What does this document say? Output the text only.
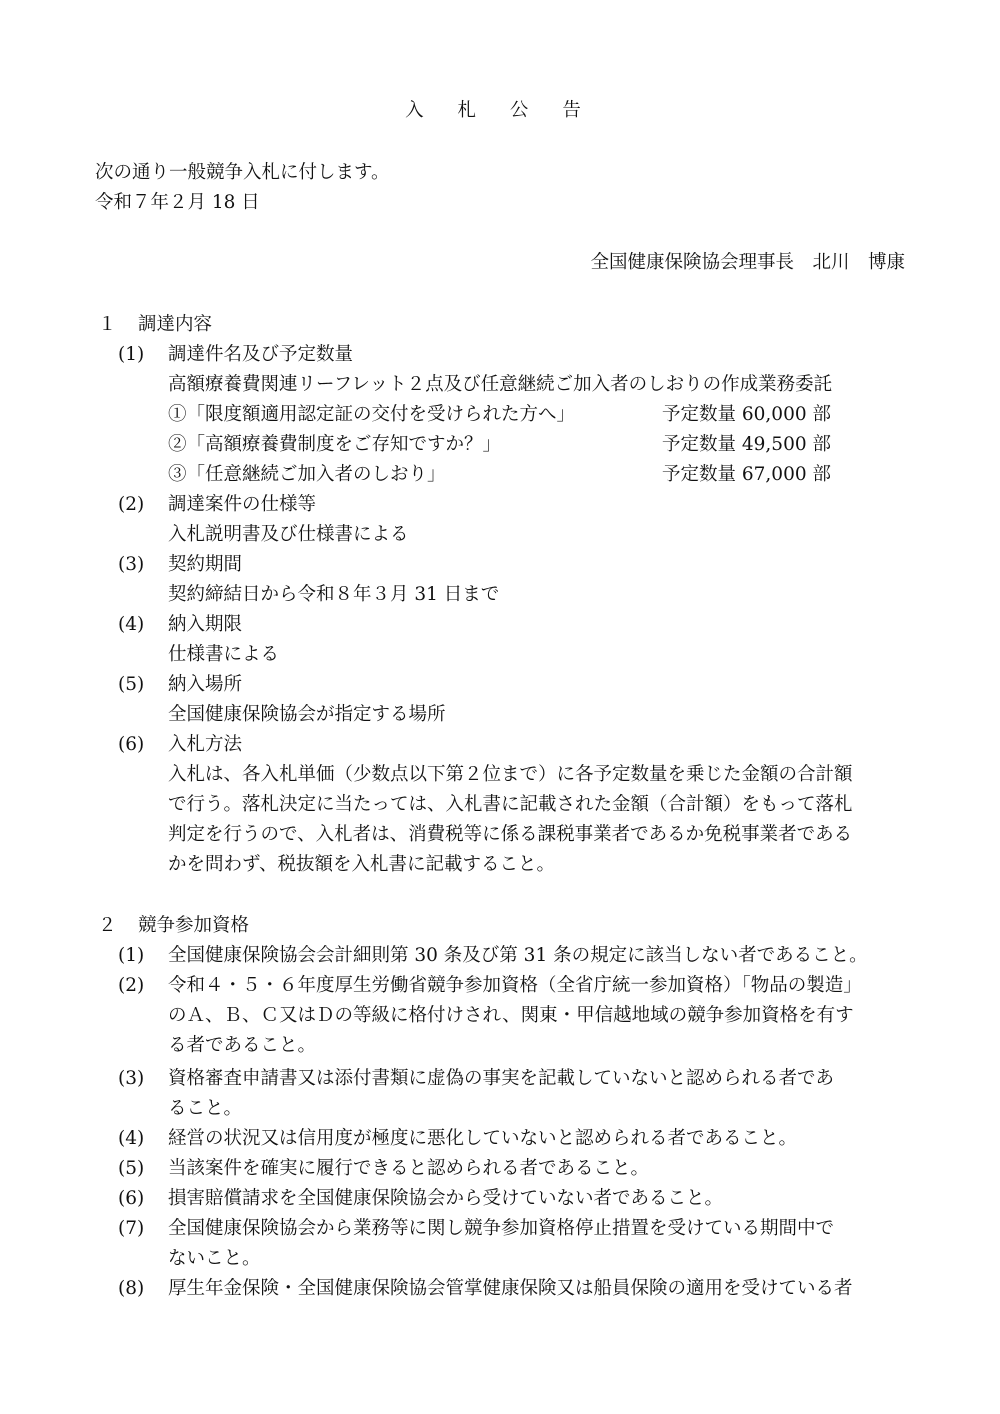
入 札 公 告
次の通り一般競争入札に付します。
令和７年２月 18 日
全国健康保険協会理事長　北川　博康
１ 調達内容
(1) 調達件名及び予定数量
高額療養費関連リーフレット２点及び任意継続ご加入者のしおりの作成業務委託
①「限度額適用認定証の交付を受けられた方へ」	予定数量 60,000 部
②「高額療養費制度をご存知ですか？」	予定数量 49,500 部
③「任意継続ご加入者のしおり」	予定数量 67,000 部
(2) 調達案件の仕様等
入札説明書及び仕様書による
(3) 契約期間
契約締結日から令和８年３月 31 日まで
(4) 納入期限
仕様書による
(5) 納入場所
全国健康保険協会が指定する場所
(6) 入札方法
入札は、各入札単価（少数点以下第２位まで）に各予定数量を乗じた金額の合計額
で行う。落札決定に当たっては、入札書に記載された金額（合計額）をもって落札
判定を行うので、入札者は、消費税等に係る課税事業者であるか免税事業者である
かを問わず、税抜額を入札書に記載すること。
２ 競争参加資格
(1) 全国健康保険協会会計細則第 30 条及び第 31 条の規定に該当しない者であること。
(2) 令和４・５・６年度厚生労働省競争参加資格（全省庁統一参加資格）「物品の製造」
のＡ、Ｂ、Ｃ又はＤの等級に格付けされ、関東・甲信越地域の競争参加資格を有す
る者であること。
(3) 資格審査申請書又は添付書類に虚偽の事実を記載していないと認められる者であ
ること。
(4) 経営の状況又は信用度が極度に悪化していないと認められる者であること。
(5) 当該案件を確実に履行できると認められる者であること。
(6) 損害賠償請求を全国健康保険協会から受けていない者であること。
(7) 全国健康保険協会から業務等に関し競争参加資格停止措置を受けている期間中で
ないこと。
(8) 厚生年金保険・全国健康保険協会管掌健康保険又は船員保険の適用を受けている者
